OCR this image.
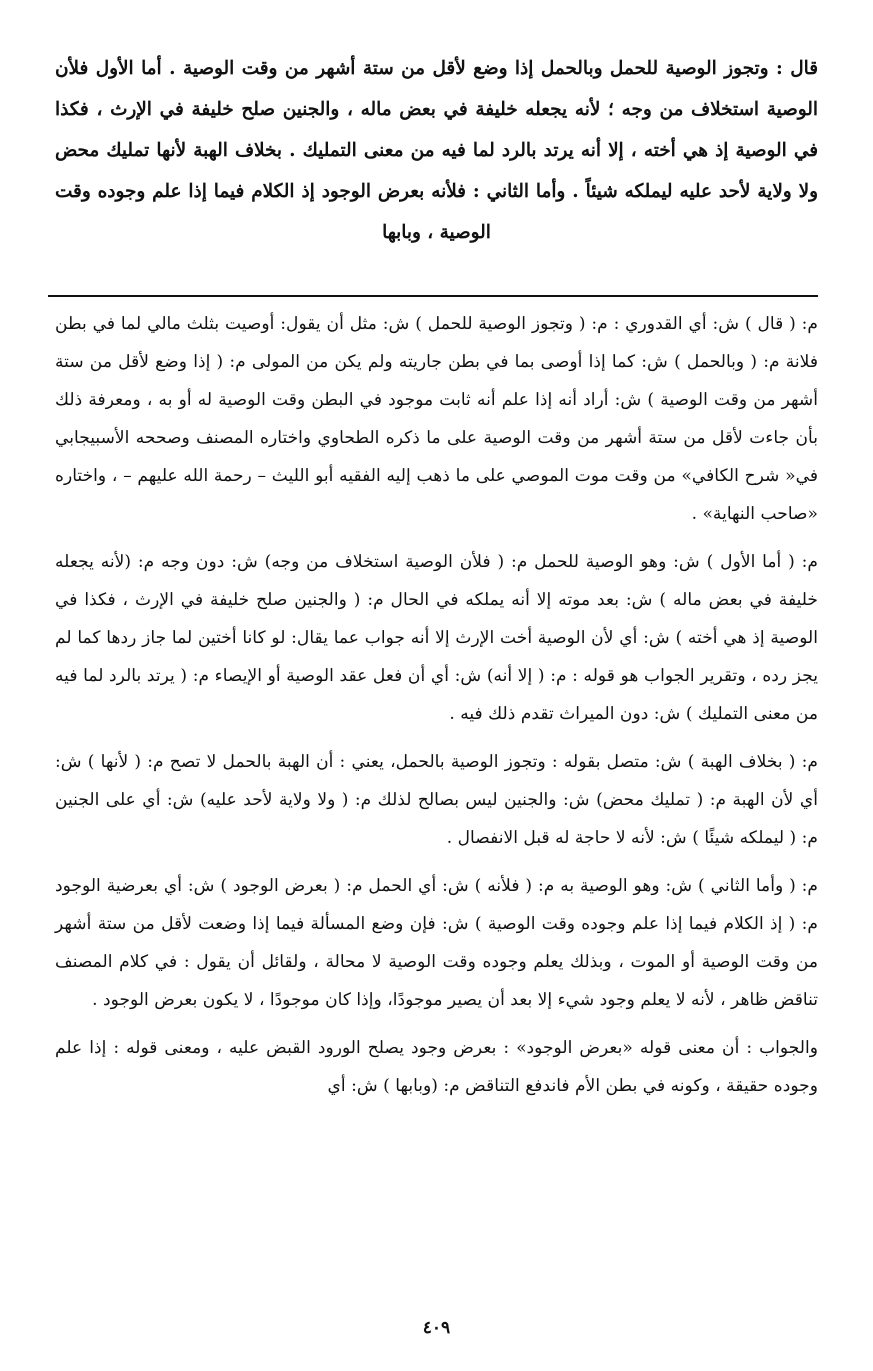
قال : وتجوز الوصية للحمل وبالحمل إذا وضع لأقل من ستة أشهر من وقت الوصية . أما الأول فلأن الوصية استخلاف من وجه ؛ لأنه يجعله خليفة في بعض ماله ، والجنين صلح خليفة في الإرث ، فكذا في الوصية إذ هي أخته ، إلا أنه يرتد بالرد لما فيه من معنى التمليك . بخلاف الهبة لأنها تمليك محض ولا ولاية لأحد عليه ليملكه شيئاً . وأما الثاني : فلأنه بعرض الوجود إذ الكلام فيما إذا علم وجوده وقت الوصية ، وبابها

م: ( قال ) ش: أي القدوري : م: ( وتجوز الوصية للحمل ) ش: مثل أن يقول: أوصيت بثلث مالي لما في بطن فلانة م: ( وبالحمل ) ش: كما إذا أوصى بما في بطن جاريته ولم يكن من المولى م: ( إذا وضع لأقل من ستة أشهر من وقت الوصية ) ش: أراد أنه إذا علم أنه ثابت موجود في البطن وقت الوصية له أو به ، ومعرفة ذلك بأن جاءت لأقل من ستة أشهر من وقت الوصية على ما ذكره الطحاوي واختاره المصنف وصححه الأسبيجابي في« شرح الكافي» من وقت موت الموصي على ما ذهب إليه الفقيه أبو الليث – رحمة الله عليهم – ، واختاره «صاحب النهاية» .

م: ( أما الأول ) ش: وهو الوصية للحمل م: ( فلأن الوصية استخلاف من وجه) ش: دون وجه م: (لأنه يجعله خليفة في بعض ماله ) ش: بعد موته إلا أنه يملكه في الحال م: ( والجنين صلح خليفة في الإرث ، فكذا في الوصية إذ هي أخته ) ش: أي لأن الوصية أخت الإرث إلا أنه جواب عما يقال: لو كانا أختين لما جاز ردها كما لم يجز رده ، وتقرير الجواب هو قوله : م: ( إلا أنه) ش: أي أن فعل عقد الوصية أو الإيصاء م: ( يرتد بالرد لما فيه من معنى التمليك ) ش: دون الميراث تقدم ذلك فيه .

م: ( بخلاف الهبة ) ش: متصل بقوله : وتجوز الوصية بالحمل، يعني : أن الهبة بالحمل لا تصح م: ( لأنها ) ش: أي لأن الهبة م: ( تمليك محض) ش: والجنين ليس بصالح لذلك م: ( ولا ولاية لأحد عليه) ش: أي على الجنين م: ( ليملكه شيئًا ) ش: لأنه لا حاجة له قبل الانفصال .

م: ( وأما الثاني ) ش: وهو الوصية به م: ( فلأنه ) ش: أي الحمل م: ( بعرض الوجود ) ش: أي بعرضية الوجود م: ( إذ الكلام فيما إذا علم وجوده وقت الوصية ) ش: فإن وضع المسألة فيما إذا وضعت لأقل من ستة أشهر من وقت الوصية أو الموت ، وبذلك يعلم وجوده وقت الوصية لا محالة ، ولقائل أن يقول : في كلام المصنف تناقض ظاهر ، لأنه لا يعلم وجود شيء إلا بعد أن يصير موجودًا، وإذا كان موجودًا ، لا يكون بعرض الوجود .

والجواب : أن معنى قوله «بعرض الوجود» : بعرض وجود يصلح الورود القبض عليه ، ومعنى قوله : إذا علم وجوده حقيقة ، وكونه في بطن الأم فاندفع التناقض م: (وبابها ) ش: أي

٤٠٩
